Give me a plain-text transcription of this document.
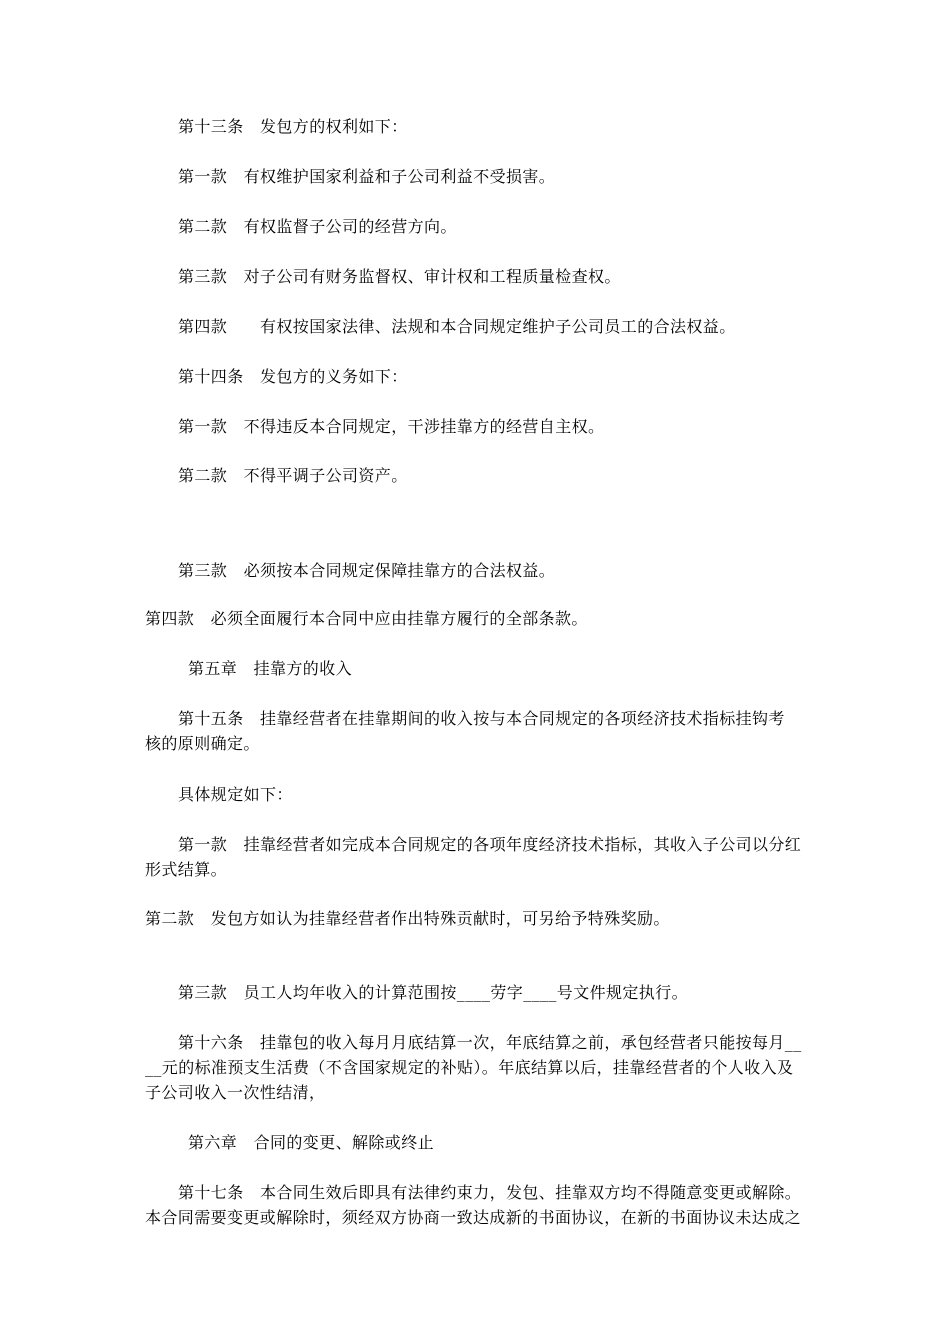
第十三条　发包方的权利如下：
第一款　有权维护国家利益和子公司利益不受损害。
第二款　有权监督子公司的经营方向。
第三款　对子公司有财务监督权、审计权和工程质量检查权。
第四款　　有权按国家法律、法规和本合同规定维护子公司员工的合法权益。
第十四条　发包方的义务如下：
第一款　不得违反本合同规定，干涉挂靠方的经营自主权。
第二款　不得平调子公司资产。
第三款　必须按本合同规定保障挂靠方的合法权益。
第四款　必须全面履行本合同中应由挂靠方履行的全部条款。
第五章　挂靠方的收入
第十五条　挂靠经营者在挂靠期间的收入按与本合同规定的各项经济技术指标挂钩考
核的原则确定。
具体规定如下：
第一款　挂靠经营者如完成本合同规定的各项年度经济技术指标，其收入子公司以分红
形式结算。
第二款　发包方如认为挂靠经营者作出特殊贡献时，可另给予特殊奖励。
第三款　员工人均年收入的计算范围按____劳字____号文件规定执行。
第十六条　挂靠包的收入每月月底结算一次，年底结算之前，承包经营者只能按每月__
__元的标准预支生活费（不含国家规定的补贴）。年底结算以后，挂靠经营者的个人收入及
子公司收入一次性结清，
第六章　合同的变更、解除或终止
第十七条　本合同生效后即具有法律约束力，发包、挂靠双方均不得随意变更或解除。
本合同需要变更或解除时，须经双方协商一致达成新的书面协议，在新的书面协议未达成之
